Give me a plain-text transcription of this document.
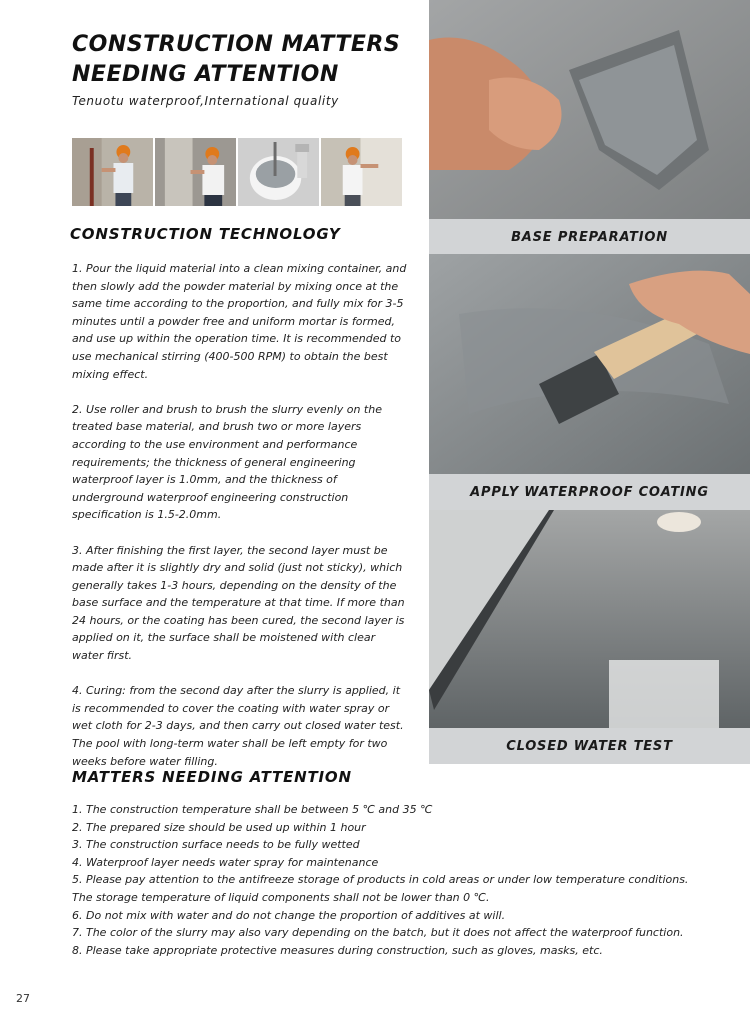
CONSTRUCTION MATTERS NEEDING ATTENTION
Tenuotu waterproof,International quality
CONSTRUCTION TECHNOLOGY

1. Pour the liquid material into a clean mixing container, and then slowly add the powder material by mixing once at the same time according to the proportion, and fully mix for 3-5 minutes until a powder free and uniform mortar is formed, and use up within the operation time. It is recommended to use mechanical stirring (400-500 RPM) to obtain the best mixing effect.

2. Use roller and brush to brush the slurry evenly on the treated base material, and brush two or more layers according to the use environment and performance requirements; the thickness of general engineering waterproof layer is 1.0mm, and the thickness of underground waterproof engineering construction specification is 1.5-2.0mm.

3. After finishing the first layer, the second layer must be made after it is slightly dry and solid (just not sticky), which generally takes 1-3 hours, depending on the density of the base surface and the temperature at that time. If more than 24 hours, or the coating has been cured, the second layer is applied on it, the surface shall be moistened with clear water first.

4. Curing: from the second day after the slurry is applied, it is recommended to cover the coating with water spray or wet cloth for 2-3 days, and then carry out closed water test. The pool with long-term water shall be left empty for two weeks before water filling.

MATTERS NEEDING ATTENTION
1. The construction temperature shall be between 5 ℃ and 35 ℃
2. The prepared size should be used up within 1 hour
3. The construction surface needs to be fully wetted
4. Waterproof layer needs water spray for maintenance
5. Please pay attention to the antifreeze storage of products in cold areas or under low temperature conditions. The storage temperature of liquid components shall not be lower than 0 ℃.
6. Do not mix with water and do not change the proportion of additives at will.
7. The color of the slurry may also vary depending on the batch, but it does not affect the waterproof function.
8. Please take appropriate protective measures during construction, such as gloves, masks, etc.
27
BASE PREPARATION
APPLY WATERPROOF COATING
CLOSED WATER TEST
